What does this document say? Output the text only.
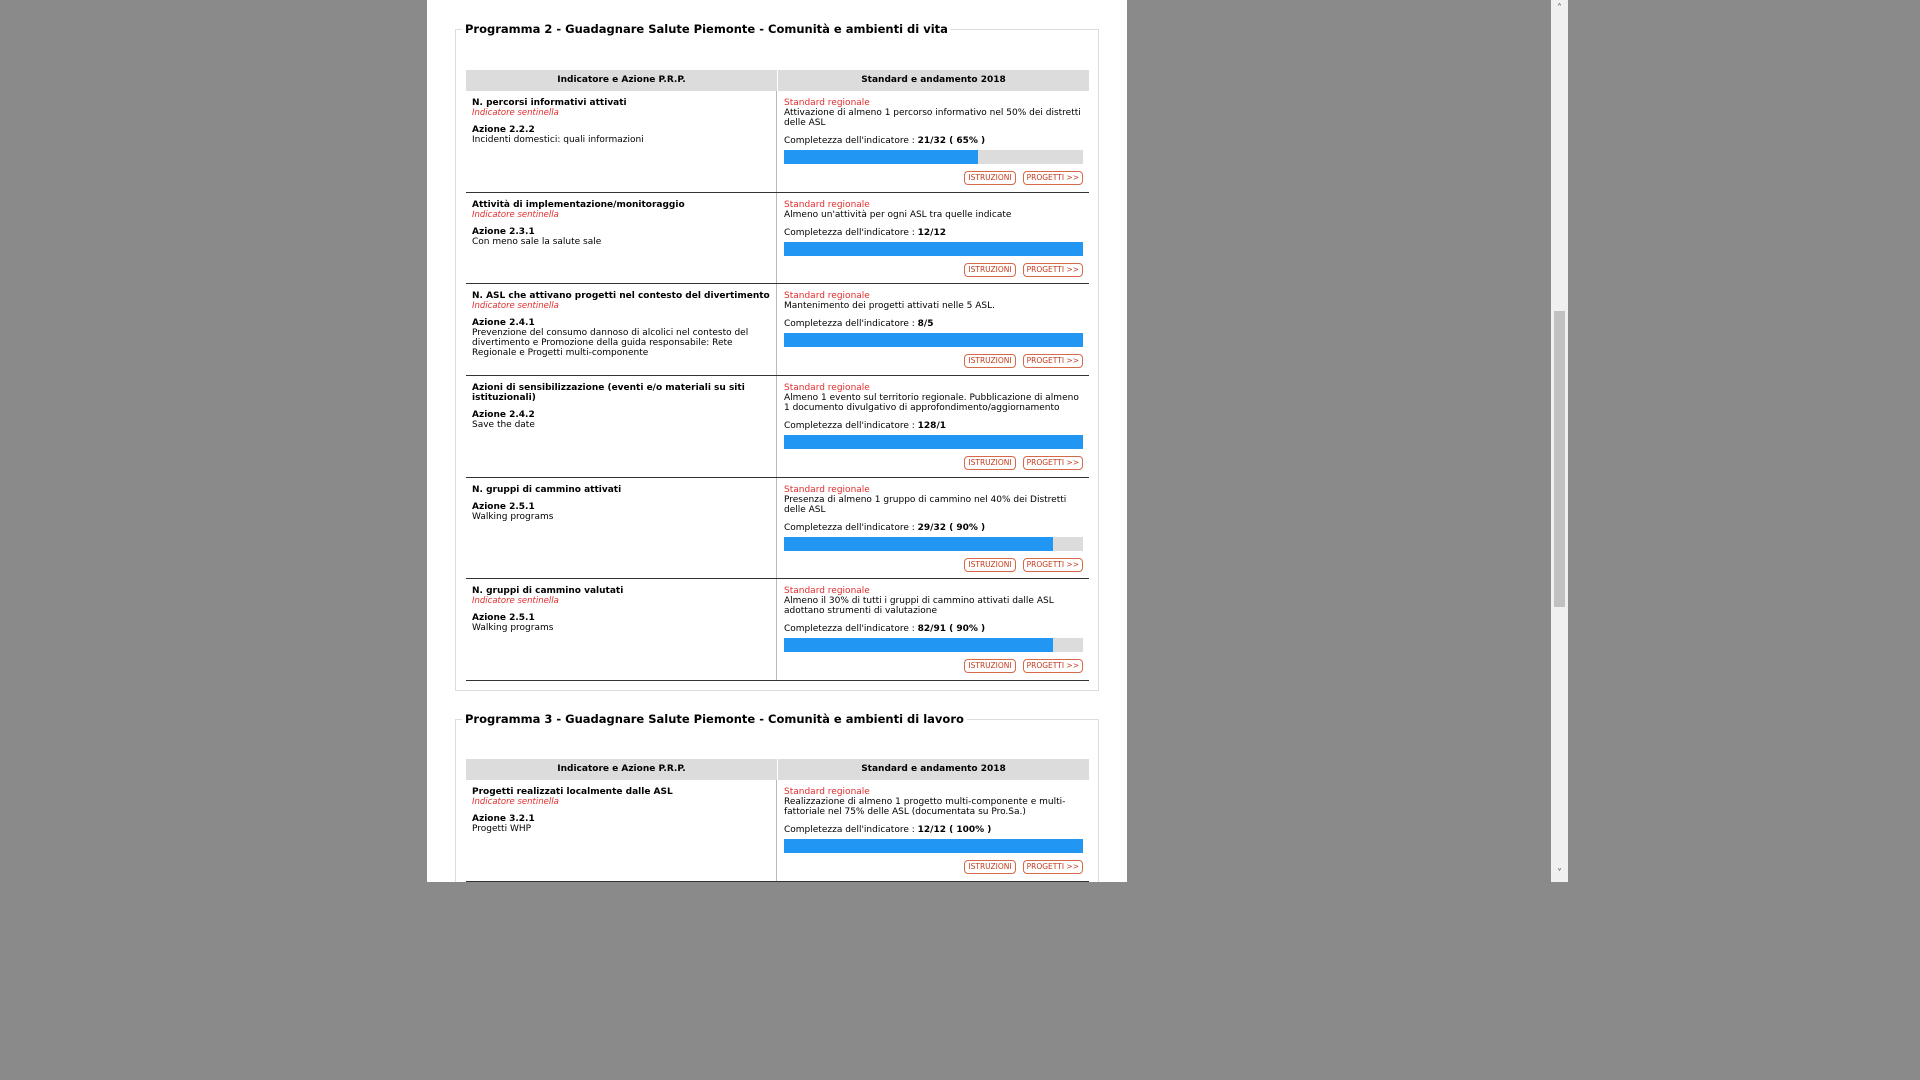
Programma 2 - Guadagnare Salute Piemonte - Comunità e ambienti di vita
Indicatore e Azione P.R.P.	Standard e andamento 2018
N. percorsi informativi attivati
Indicatore sentinella
Azione 2.2.2
Incidenti domestici: quali informazioni
Standard regionale
Attivazione di almeno 1 percorso informativo nel 50% dei distretti delle ASL
Completezza dell'indicatore : 21/32 ( 65% )
ISTRUZIONI	PROGETTI >>
Attività di implementazione/monitoraggio
Indicatore sentinella
Azione 2.3.1
Con meno sale la salute sale
Standard regionale
Almeno un'attività per ogni ASL tra quelle indicate
Completezza dell'indicatore : 12/12
ISTRUZIONI	PROGETTI >>
N. ASL che attivano progetti nel contesto del divertimento
Indicatore sentinella
Azione 2.4.1
Prevenzione del consumo dannoso di alcolici nel contesto del divertimento e Promozione della guida responsabile: Rete Regionale e Progetti multi-componente
Standard regionale
Mantenimento dei progetti attivati nelle 5 ASL.
Completezza dell'indicatore : 8/5
ISTRUZIONI	PROGETTI >>
Azioni di sensibilizzazione (eventi e/o materiali su siti istituzionali)
Azione 2.4.2
Save the date
Standard regionale
Almeno 1 evento sul territorio regionale. Pubblicazione di almeno 1 documento divulgativo di approfondimento/aggiornamento
Completezza dell'indicatore : 128/1
ISTRUZIONI	PROGETTI >>
N. gruppi di cammino attivati
Azione 2.5.1
Walking programs
Standard regionale
Presenza di almeno 1 gruppo di cammino nel 40% dei Distretti delle ASL
Completezza dell'indicatore : 29/32 ( 90% )
ISTRUZIONI	PROGETTI >>
N. gruppi di cammino valutati
Indicatore sentinella
Azione 2.5.1
Walking programs
Standard regionale
Almeno il 30% di tutti i gruppi di cammino attivati dalle ASL adottano strumenti di valutazione
Completezza dell'indicatore : 82/91 ( 90% )
ISTRUZIONI	PROGETTI >>
Programma 3 - Guadagnare Salute Piemonte - Comunità e ambienti di lavoro
Indicatore e Azione P.R.P.	Standard e andamento 2018
Progetti realizzati localmente dalle ASL
Indicatore sentinella
Azione 3.2.1
Progetti WHP
Standard regionale
Realizzazione di almeno 1 progetto multi-componente e multi-fattoriale nel 75% delle ASL (documentata su Pro.Sa.)
Completezza dell'indicatore : 12/12 ( 100% )
ISTRUZIONI	PROGETTI >>
˄
˅
